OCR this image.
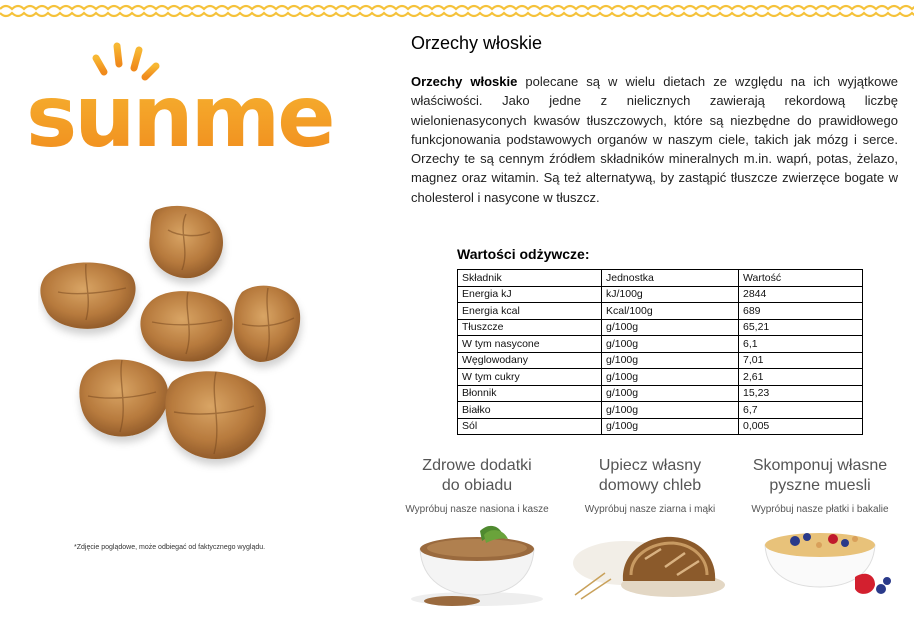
sunme
*Zdjęcie poglądowe, może odbiegać od faktycznego wyglądu.
Orzechy włoskie
Orzechy włoskie polecane są w wielu dietach ze względu na ich wyjątkowe właściwości. Jako jedne z nielicznych zawierają rekordową liczbę wielonienasyconych kwasów tłuszczowych, które są niezbędne do prawidłowego funkcjonowania podstawowych organów w naszym ciele, takich jak mózg i serce. Orzechy te są cennym źródłem składników mineralnych m.in. wapń, potas, żelazo, magnez oraz witamin. Są też alternatywą, by zastąpić tłuszcze zwierzęce bogate w cholesterol i nasycone w tłuszcz.
Wartości odżywcze:
Składnik	Jednostka	Wartość
Energia kJ	kJ/100g	2844
Energia kcal	Kcal/100g	689
Tłuszcze	g/100g	65,21
W tym nasycone	g/100g	6,1
Węglowodany	g/100g	7,01
W tym cukry	g/100g	2,61
Błonnik	g/100g	15,23
Białko	g/100g	6,7
Sól	g/100g	0,005
Zdrowe dodatki
do obiadu
Wypróbuj nasze nasiona i kasze
Upiecz własny
domowy chleb
Wypróbuj nasze ziarna i mąki
Skomponuj własne
pyszne muesli
Wypróbuj nasze płatki i bakalie
